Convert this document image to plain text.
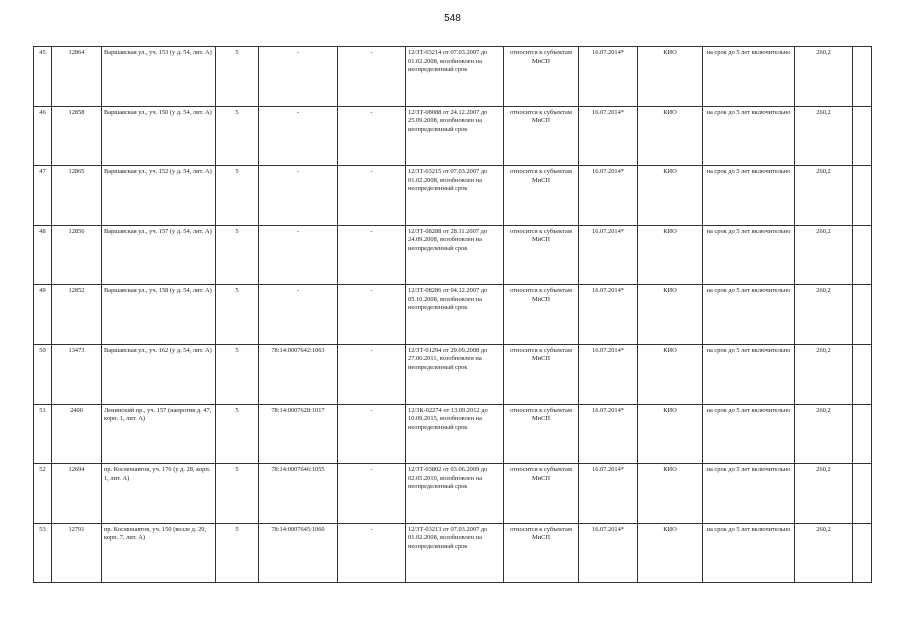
548
45	12864	Варшавская ул., уч. 153 (у д. 54, лит. А)	5	-	-	12/ЗТ-03214 от 07.03.2007 до 01.02.2008, возобновлен на неопределенный срок	относится к субъектам МиСП	16.07.2014*	КИО	на срок до 5 лет включительно	260,2	
46	12858	Варшавская ул., уч. 150 (у д. 54, лит. А)	5	-	-	12/ЗТ-08088 от 24.12.2007 до 25.09.2008, возобновлен на неопределенный срок	относится к субъектам МиСП	16.07.2014*	КИО	на срок до 5 лет включительно	260,2	
47	12865	Варшавская ул., уч. 152 (у д. 54, лит. А)	5	-	-	12/ЗТ-03215 от 07.03.2007 до 01.02.2008, возобновлен на неопределенный срок	относится к субъектам МиСП	16.07.2014*	КИО	на срок до 5 лет включительно	260,2	
48	12856	Варшавская ул., уч. 157 (у д. 54, лит. А)	5	-	-	12/ЗТ-08288 от 28.11.2007 до 24.09.2008, возобновлен на неопределенный срок	относится к субъектам МиСП	16.07.2014*	КИО	на срок до 5 лет включительно	260,2	
49	12852	Варшавская ул., уч. 158 (у д. 54, лит. А)	5	-	-	12/ЗТ-08286 от 04.12.2007 до 05.10.2008, возобновлен на неопределенный срок	относится к субъектам МиСП	16.07.2014*	КИО	на срок до 5 лет включительно	260,2	
50	13473	Варшавская ул., уч. 162 (у д. 54, лит. А)	5	78:14:0007642:1063	-	12/ЗТ-01294 от 29.09.2008 до 27.06.2011, возобновлен на неопределенный срок	относится к субъектам МиСП	16.07.2014*	КИО	на срок до 5 лет включительно	260,2	
51	2400	Ленинский пр., уч. 157 (напротив д. 47, корп. 1, лит. А)	5	78:14:0007628:1017	-	12/ЗК-02274 от 13.09.2012 до 10.09.2015, возобновлен на неопределенный срок	относится к субъектам МиСП	16.07.2014*	КИО	на срок до 5 лет включительно	260,2	
52	12694	пр. Космонавтов, уч. 176 (у д. 28, корп. 1, лит. А)	5	78:14:0007646:1055	-	12/ЗТ-03802 от 03.06.2009 до 02.05.2010, возобновлен на неопределенный срок	относится к субъектам МиСП	16.07.2014*	КИО	на срок до 5 лет включительно	260,2	
53	12791	пр. Космонавтов, уч. 150 (возле д. 29, корп. 7, лит. А)	5	78:14:0007645:1060	-	12/ЗТ-03213 от 07.03.2007 до 01.02.2008, возобновлен на неопределенный срок	относится к субъектам МиСП	16.07.2014*	КИО	на срок до 5 лет включительно	260,2	
